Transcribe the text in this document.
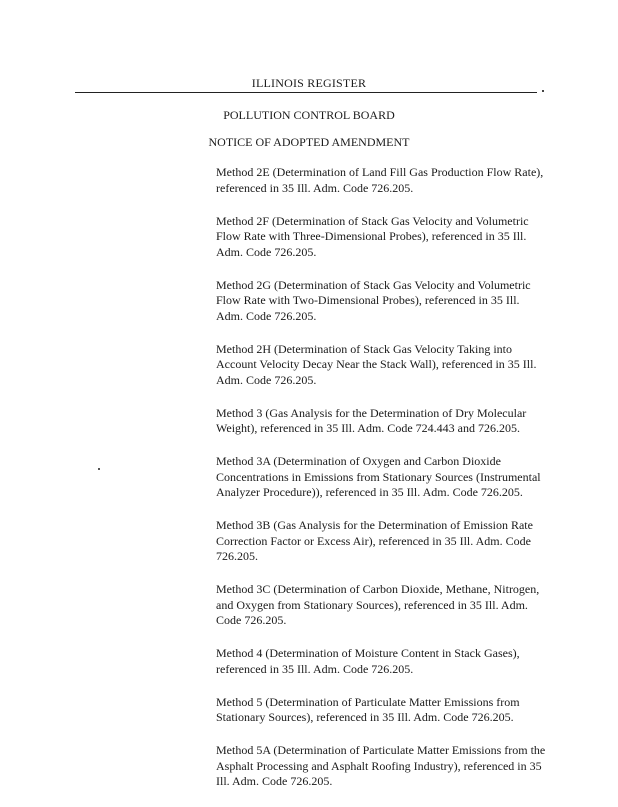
ILLINOIS REGISTER
POLLUTION CONTROL BOARD
NOTICE OF ADOPTED AMENDMENT
Method 2E (Determination of Land Fill Gas Production Flow Rate), referenced in 35 Ill. Adm. Code 726.205.
Method 2F (Determination of Stack Gas Velocity and Volumetric Flow Rate with Three-Dimensional Probes), referenced in 35 Ill. Adm. Code 726.205.
Method 2G (Determination of Stack Gas Velocity and Volumetric Flow Rate with Two-Dimensional Probes), referenced in 35 Ill. Adm. Code 726.205.
Method 2H (Determination of Stack Gas Velocity Taking into Account Velocity Decay Near the Stack Wall), referenced in 35 Ill. Adm. Code 726.205.
Method 3 (Gas Analysis for the Determination of Dry Molecular Weight), referenced in 35 Ill. Adm. Code 724.443 and 726.205.
Method 3A (Determination of Oxygen and Carbon Dioxide Concentrations in Emissions from Stationary Sources (Instrumental Analyzer Procedure)), referenced in 35 Ill. Adm. Code 726.205.
Method 3B (Gas Analysis for the Determination of Emission Rate Correction Factor or Excess Air), referenced in 35 Ill. Adm. Code 726.205.
Method 3C (Determination of Carbon Dioxide, Methane, Nitrogen, and Oxygen from Stationary Sources), referenced in 35 Ill. Adm. Code 726.205.
Method 4 (Determination of Moisture Content in Stack Gases), referenced in 35 Ill. Adm. Code 726.205.
Method 5 (Determination of Particulate Matter Emissions from Stationary Sources), referenced in 35 Ill. Adm. Code 726.205.
Method 5A (Determination of Particulate Matter Emissions from the Asphalt Processing and Asphalt Roofing Industry), referenced in 35 Ill. Adm. Code 726.205.
